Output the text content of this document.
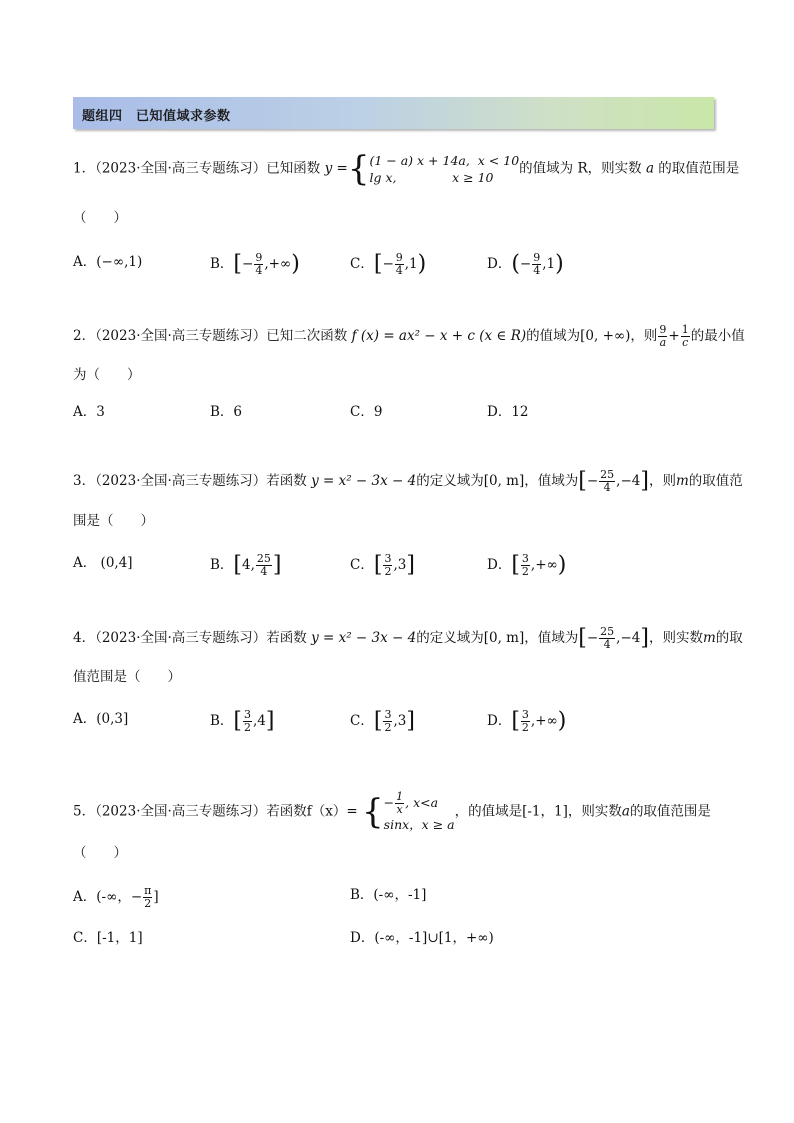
题组四　已知值域求参数
1．（2023·全国·高三专题练习）已知函数 y ={(1 − a) x + 14a, x < 10
lg x,	x ≥ 10的值域为 R，则实数 a 的取值范围是
（　　）
A．(−∞,1)	B．[− $\frac{9}{4}$ ,+∞)	C．[− $\frac{9}{4} ,1$)	D．(− $\frac{9}{4} ,1$)
2．（2023·全国·高三专题练习）已知二次函数 f (x) = ax² − x + c (x ∈ R)的值域为[0, +∞)，则 $\frac{9}{a} + \frac{1}{c}$ 的最小值
为（　　）
A．3	B．6	C．9	D．12
3．（2023·全国·高三专题练习）若函数 y = x² − 3x − 4的定义域为[0, m]，值域为[− $\frac{25}{4} ,-4$]，则m的取值范
围是（　　）
A． (0,4]	B．[4, $\frac{25}{4}$ ]	C．[ $\frac{3}{2} ,3$]	D．[ $\frac{3}{2}$ ,+∞)
4．（2023·全国·高三专题练习）若函数 y = x² − 3x − 4的定义域为[0, m]，值域为[− $\frac{25}{4} ,-4$]，则实数m的取
值范围是（　　）
A．(0,3]	B．[ $\frac{3}{2} ,4$]	C．[ $\frac{3}{2} ,3$]	D．[ $\frac{3}{2}$ ,+∞)
5．（2023·全国·高三专题练习）若函数f（x）= {− $\frac{1}{x}$ , x<a
sinx，x ≥ a，的值域是[-1，1]，则实数a的取值范围是
（　　）
A．(-∞，− $\frac{\pi}{2}$ ]	B．(-∞，-1]
C．[-1，1]	D．(-∞，-1]∪[1，+∞)
